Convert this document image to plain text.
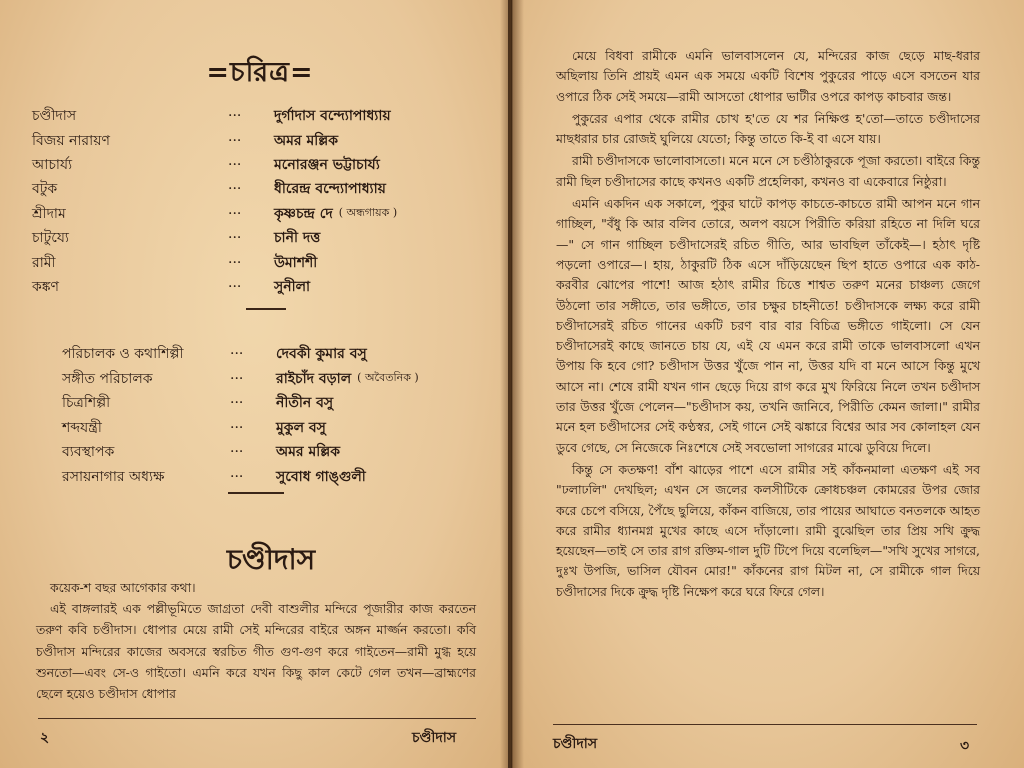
=চরিত্র=
চণ্ডীদাস	···	দুর্গাদাস বন্দ্যোপাধ্যায়
বিজয় নারায়ণ	···	অমর মল্লিক
আচার্য্য	···	মনোরঞ্জন ভট্টাচার্য্য
বটুক	···	ধীরেন্দ্র বন্দ্যোপাধ্যায়
শ্রীদাম	···	কৃষ্ণচন্দ্র দে ( অন্ধগায়ক )
চাটুয্যে	···	চানী দত্ত
রামী	···	উমাশশী
কঙ্কণ	···	সুনীলা
পরিচালক ও কথাশিল্পী	···	দেবকী কুমার বসু
সঙ্গীত পরিচালক	···	রাইচাঁদ বড়াল ( অবৈতনিক )
চিত্রশিল্পী	···	নীতীন বসু
শব্দযন্ত্রী	···	মুকুল বসু
ব্যবস্থাপক	···	অমর মল্লিক
রসায়নাগার অধ্যক্ষ	···	সুবোধ গাঙ্গুলী
চণ্ডীদাস

কয়েক-শ বছর আগেকার কথা।

এই বাঙ্গলারই এক পল্লীভূমিতে জাগ্রতা দেবী বাশুলীর মন্দিরে পূজারীর কাজ করতেন তরুণ কবি চণ্ডীদাস। ধোপার মেয়ে রামী সেই মন্দিরের বাইরে অঙ্গন মার্জ্জন করতো। কবি চণ্ডীদাস মন্দিরের কাজের অবসরে স্বরচিত গীত গুণ-গুণ করে গাইতেন—রামী মুগ্ধ হয়ে শুনতো—এবং সে-ও গাইতো। এমনি করে যখন কিছু কাল কেটে গেল তখন—ব্রাহ্মণের ছেলে হয়েও চণ্ডীদাস ধোপার

২	চণ্ডীদাস

মেয়ে বিধবা রামীকে এমনি ভালবাসলেন যে, মন্দিরের কাজ ছেড়ে মাছ-ধরার অছিলায় তিনি প্রায়ই এমন এক সময়ে একটি বিশেষ পুকুরের পাড়ে এসে বসতেন যার ওপারে ঠিক সেই সময়ে—রামী আসতো ধোপার ভাটীর ওপরে কাপড় কাচবার জন্ত।

পুকুরের এপার থেকে রামীর চোখ হ'তে যে শর নিক্ষিপ্ত হ'তো—তাতে চণ্ডীদাসের মাছধরার চার রোজই ঘুলিয়ে যেতো; কিন্তু তাতে কি-ই বা এসে যায়।

রামী চণ্ডীদাসকে ভালোবাসতো। মনে মনে সে চণ্ডীঠাকুরকে পূজা করতো। বাইরে কিন্তু রামী ছিল চণ্ডীদাসের কাছে কখনও একটি প্রহেলিকা, কখনও বা একেবারে নিষ্ঠুরা।

এমনি একদিন এক সকালে, পুকুর ঘাটে কাপড় কাচতে-কাচতে রামী আপন মনে গান গাচ্ছিল, "বঁধু কি আর বলিব তোরে, অলপ বয়সে পিরীতি করিয়া রহিতে না দিলি ঘরে—" সে গান গাচ্ছিল চণ্ডীদাসেরই রচিত গীতি, আর ভাবছিল তাঁকেই—। হঠাৎ দৃষ্টি পড়লো ওপারে—। হায়, ঠাকুরটি ঠিক এসে দাঁড়িয়েছেন ছিপ হাতে ওপারে এক কাঠ-করবীর ঝোপের পাশে! আজ হঠাৎ রামীর চিত্তে শাশ্বত তরুণ মনের চাঞ্চল্য জেগে উঠলো তার সঙ্গীতে, তার ভঙ্গীতে, তার চক্ষুর চাহনীতে! চণ্ডীদাসকে লক্ষ্য করে রামী চণ্ডীদাসেরই রচিত গানের একটি চরণ বার বার বিচিত্র ভঙ্গীতে গাইলো। সে যেন চণ্ডীদাসেরই কাছে জানতে চায় যে, এই যে এমন করে রামী তাকে ভালবাসলো এখন উপায় কি হবে গো? চণ্ডীদাস উত্তর খুঁজে পান না, উত্তর যদি বা মনে আসে কিন্তু মুখে আসে না। শেষে রামী যখন গান ছেড়ে দিয়ে রাগ করে মুখ ফিরিয়ে নিলে তখন চণ্ডীদাস তার উত্তর খুঁজে পেলেন—"চণ্ডীদাস কয়, তখনি জানিবে, পিরীতি কেমন জালা।" রামীর মনে হল চণ্ডীদাসের সেই কণ্ঠস্বর, সেই গানে সেই ঝঙ্কারে বিশ্বের আর সব কোলাহল যেন ডুবে গেছে, সে নিজেকে নিঃশেষে সেই সবভোলা সাগরের মাঝে ডুবিয়ে দিলে।

কিন্তু সে কতক্ষণ! বাঁশ ঝাড়ের পাশে এসে রামীর সই কাঁকনমালা এতক্ষণ এই সব "ঢলাঢলি" দেখছিল; এখন সে জলের কলসীটিকে ক্রোধচঞ্চল কোমরের উপর জোর করে চেপে বসিয়ে, পৈঁছে ছুলিয়ে, কাঁকন বাজিয়ে, তার পায়ের আঘাতে বনতলকে আহত করে রামীর ধ্যানমগ্ন মুখের কাছে এসে দাঁড়ালো। রামী বুঝেছিল তার প্রিয় সখি ক্রুদ্ধ হয়েছেন—তাই সে তার রাগ রক্তিম-গাল দুটি টিপে দিয়ে বলেছিল—"সখি সুখের সাগরে, দুঃখ উপজি, ভাসিল যৌবন মোর!" কাঁকনের রাগ মিটল না, সে রামীকে গাল দিয়ে চণ্ডীদাসের দিকে ক্রুদ্ধ দৃষ্টি নিক্ষেপ করে ঘরে ফিরে গেল।

চণ্ডীদাস	৩
